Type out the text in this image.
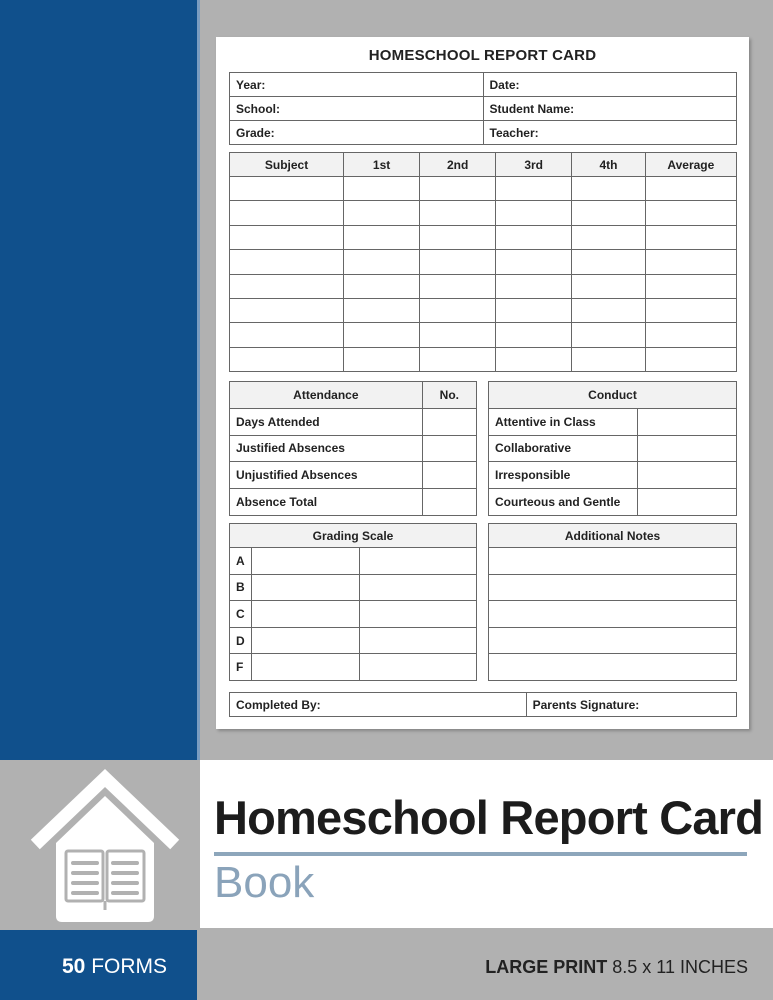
HOMESCHOOL REPORT CARD
Year:	Date:
School:	Student Name:
Grade:	Teacher:
Subject	1st	2nd	3rd	4th	Average

Attendance	No.
Days Attended	
Justified Absences	
Unjustified Absences	
Absence Total	
Conduct	
Attentive in Class	
Collaborative	
Irresponsible	
Courteous and Gentle	
Grading Scale		
A		
B		
C		
D		
F		
Additional Notes

Completed By:	Parents Signature:
Homeschool Report Card
Book
50 FORMS	LARGE PRINT 8.5 x 11 INCHES
